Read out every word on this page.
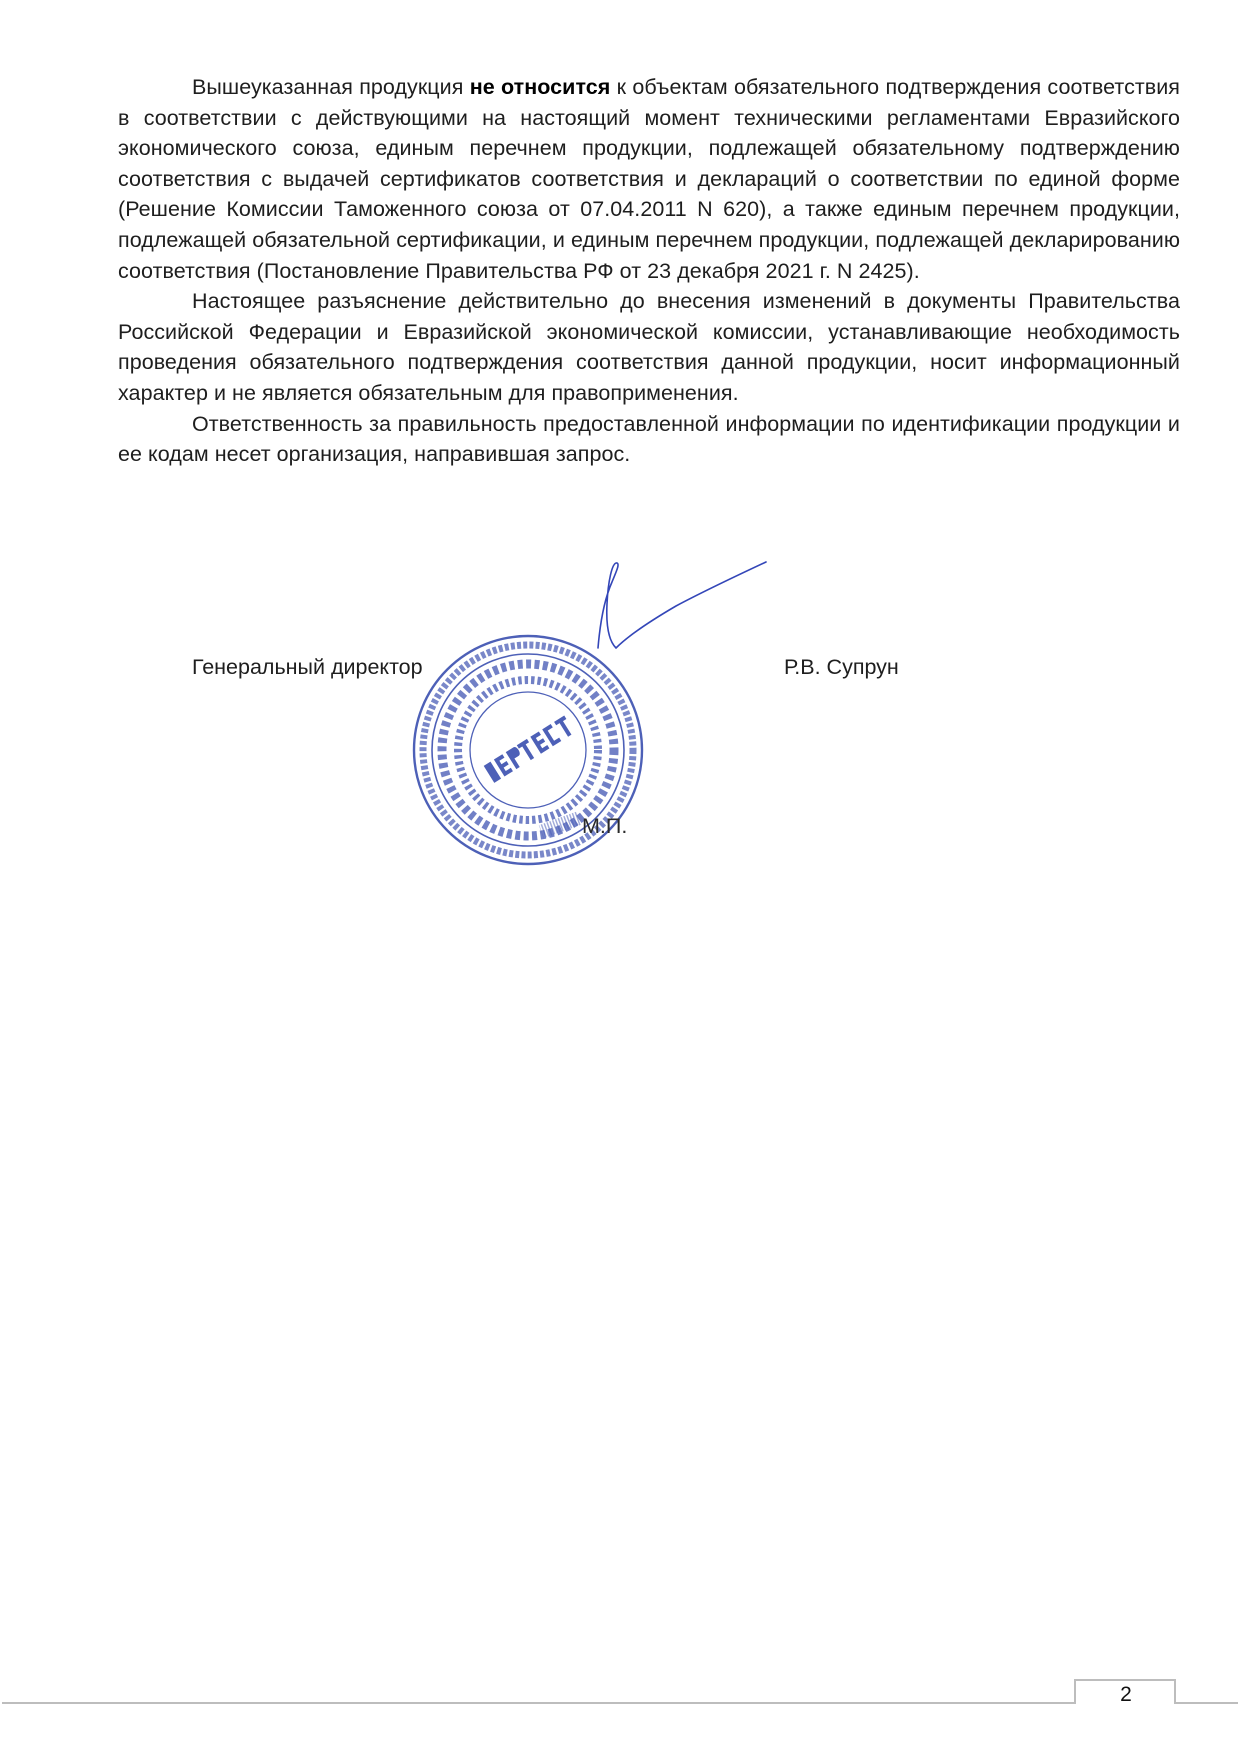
Вышеуказанная продукция не относится к объектам обязательного подтверждения соответствия в соответствии с действующими на настоящий момент техническими регламентами Евразийского экономического союза, единым перечнем продукции, подлежащей обязательному подтверждению соответствия с выдачей сертификатов соответствия и деклараций о соответствии по единой форме (Решение Комиссии Таможенного союза от 07.04.2011 N 620), а также единым перечнем продукции, подлежащей обязательной сертификации, и единым перечнем продукции, подлежащей декларированию соответствия (Постановление Правительства РФ от 23 декабря 2021 г. N 2425).

Настоящее разъяснение действительно до внесения изменений в документы Правительства Российской Федерации и Евразийской экономической комиссии, устанавливающие необходимость проведения обязательного подтверждения соответствия данной продукции, носит информационный характер и не является обязательным для правоприменения.

Ответственность за правильность предоставленной информации по идентификации продукции и ее кодам несет организация, направившая запрос.

Генеральный директор	Р.В. Супрун
М.П.
2
